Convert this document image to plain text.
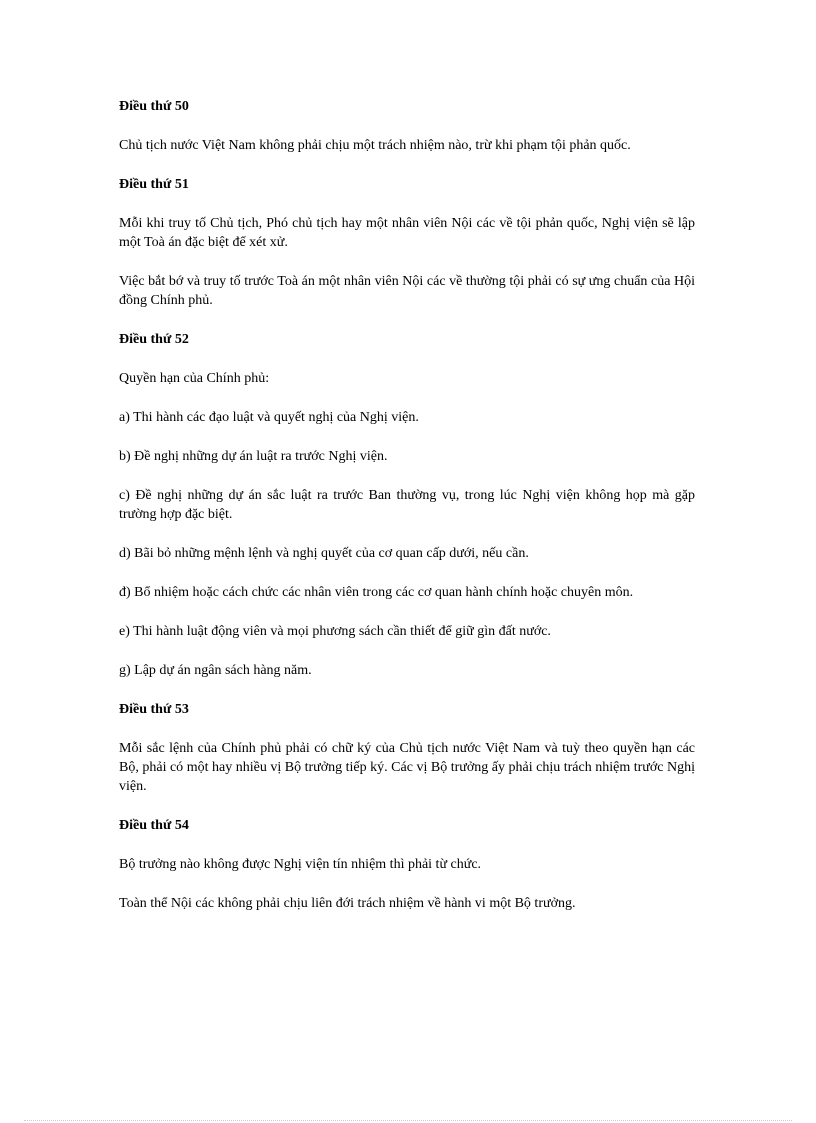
Điều thứ 50
Chủ tịch nước Việt Nam không phải chịu một trách nhiệm nào, trừ khi phạm tội phản quốc.
Điều thứ 51
Mỗi khi truy tố Chủ tịch, Phó chủ tịch hay một nhân viên Nội các về tội phản quốc, Nghị viện sẽ lập một Toà án đặc biệt để xét xử.
Việc bắt bớ và truy tố trước Toà án một nhân viên Nội các về thường tội phải có sự ưng chuẩn của Hội đồng Chính phủ.
Điều thứ 52
Quyền hạn của Chính phủ:
a) Thi hành các đạo luật và quyết nghị của Nghị viện.
b) Đề nghị những dự án luật ra trước Nghị viện.
c) Đề nghị những dự án sắc luật ra trước Ban thường vụ, trong lúc Nghị viện không họp mà gặp trường hợp đặc biệt.
d) Bãi bỏ những mệnh lệnh và nghị quyết của cơ quan cấp dưới, nếu cần.
đ) Bổ nhiệm hoặc cách chức các nhân viên trong các cơ quan hành chính hoặc chuyên môn.
e) Thi hành luật động viên và mọi phương sách cần thiết để giữ gìn đất nước.
g) Lập dự án ngân sách hàng năm.
Điều thứ 53
Mỗi sắc lệnh của Chính phủ phải có chữ ký của Chủ tịch nước Việt Nam và tuỳ theo quyền hạn các Bộ, phải có một hay nhiều vị Bộ trưởng tiếp ký. Các vị Bộ trưởng ấy phải chịu trách nhiệm trước Nghị viện.
Điều thứ 54
Bộ trưởng nào không được Nghị viện tín nhiệm thì phải từ chức.
Toàn thể Nội các không phải chịu liên đới trách nhiệm về hành vi một Bộ trưởng.
